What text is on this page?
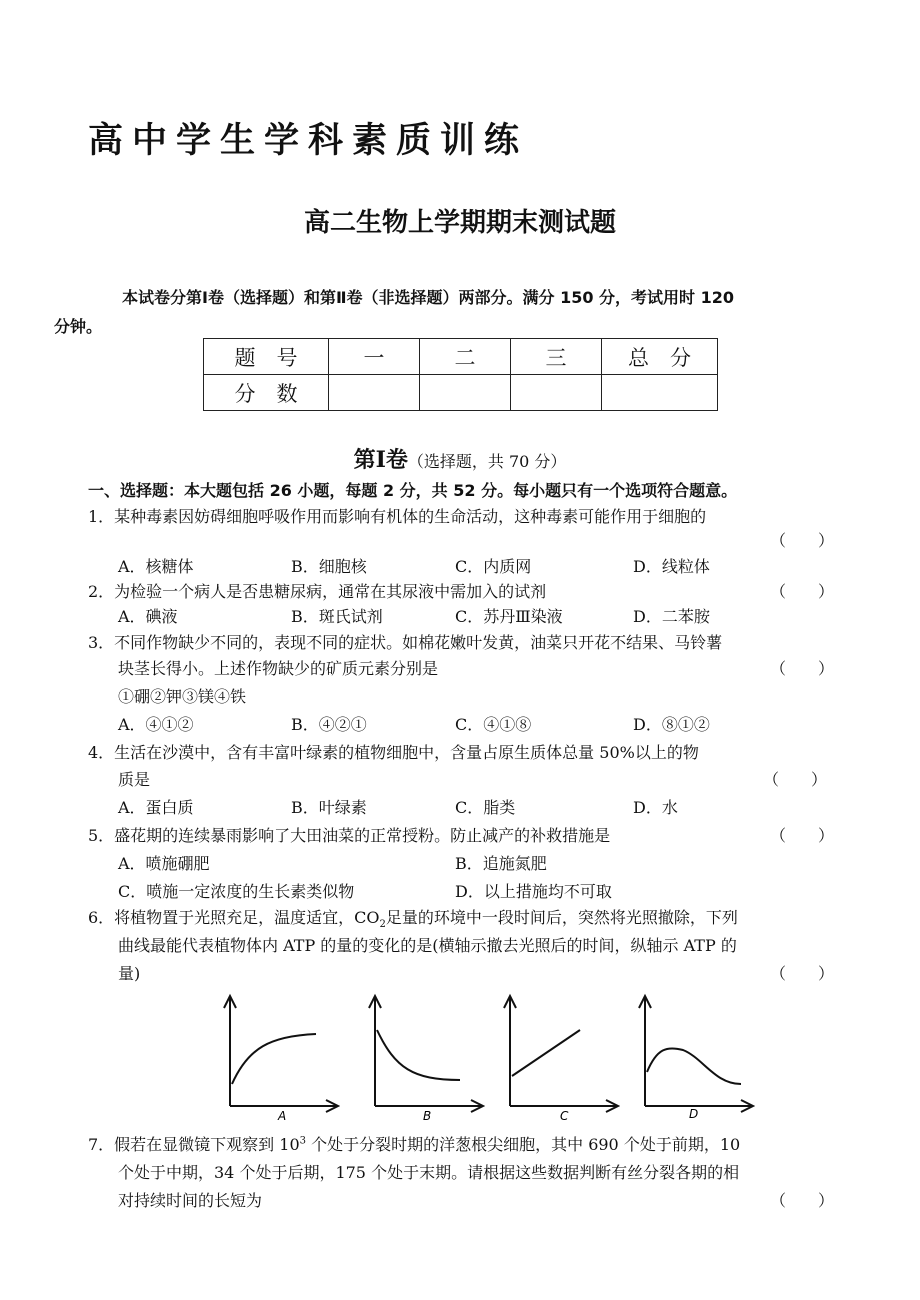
高中学生学科素质训练
高二生物上学期期末测试题
本试卷分第Ⅰ卷（选择题）和第Ⅱ卷（非选择题）两部分。满分 150 分，考试用时 120
分钟。
题　号	一	二	三	总　分
分　数				
第Ⅰ卷（选择题，共 70 分）
一、选择题：本大题包括 26 小题，每题 2 分，共 52 分。每小题只有一个选项符合题意。
1．某种毒素因妨碍细胞呼吸作用而影响有机体的生命活动，这种毒素可能作用于细胞的
（　　）
A．核糖体	B．细胞核	C．内质网	D．线粒体
2．为检验一个病人是否患糖尿病，通常在其尿液中需加入的试剂	（　　）
A．碘液	B．斑氏试剂	C．苏丹Ⅲ染液	D．二苯胺
3．不同作物缺少不同的，表现不同的症状。如棉花嫩叶发黄，油菜只开花不结果、马铃薯
块茎长得小。上述作物缺少的矿质元素分别是	（　　）
①硼②钾③镁④铁
A．④①②	B．④②①	C．④①⑧	D．⑧①②
4．生活在沙漠中，含有丰富叶绿素的植物细胞中，含量占原生质体总量 50%以上的物
质是	（　　）
A．蛋白质	B．叶绿素	C．脂类	D．水
5．盛花期的连续暴雨影响了大田油菜的正常授粉。防止减产的补救措施是	（　　）
A．喷施硼肥	B．追施氮肥
C．喷施一定浓度的生长素类似物	D．以上措施均不可取
6．将植物置于光照充足，温度适宜，$CO_2$足量的环境中一段时间后，突然将光照撤除，下列
曲线最能代表植物体内 ATP 的量的变化的是(横轴示撤去光照后的时间，纵轴示 ATP 的
量)	（　　）
A	B	C	D
7．假若在显微镜下观察到 $10^3$ 个处于分裂时期的洋葱根尖细胞，其中 690 个处于前期，10
个处于中期，34 个处于后期，175 个处于末期。请根据这些数据判断有丝分裂各期的相
对持续时间的长短为	（　　）
